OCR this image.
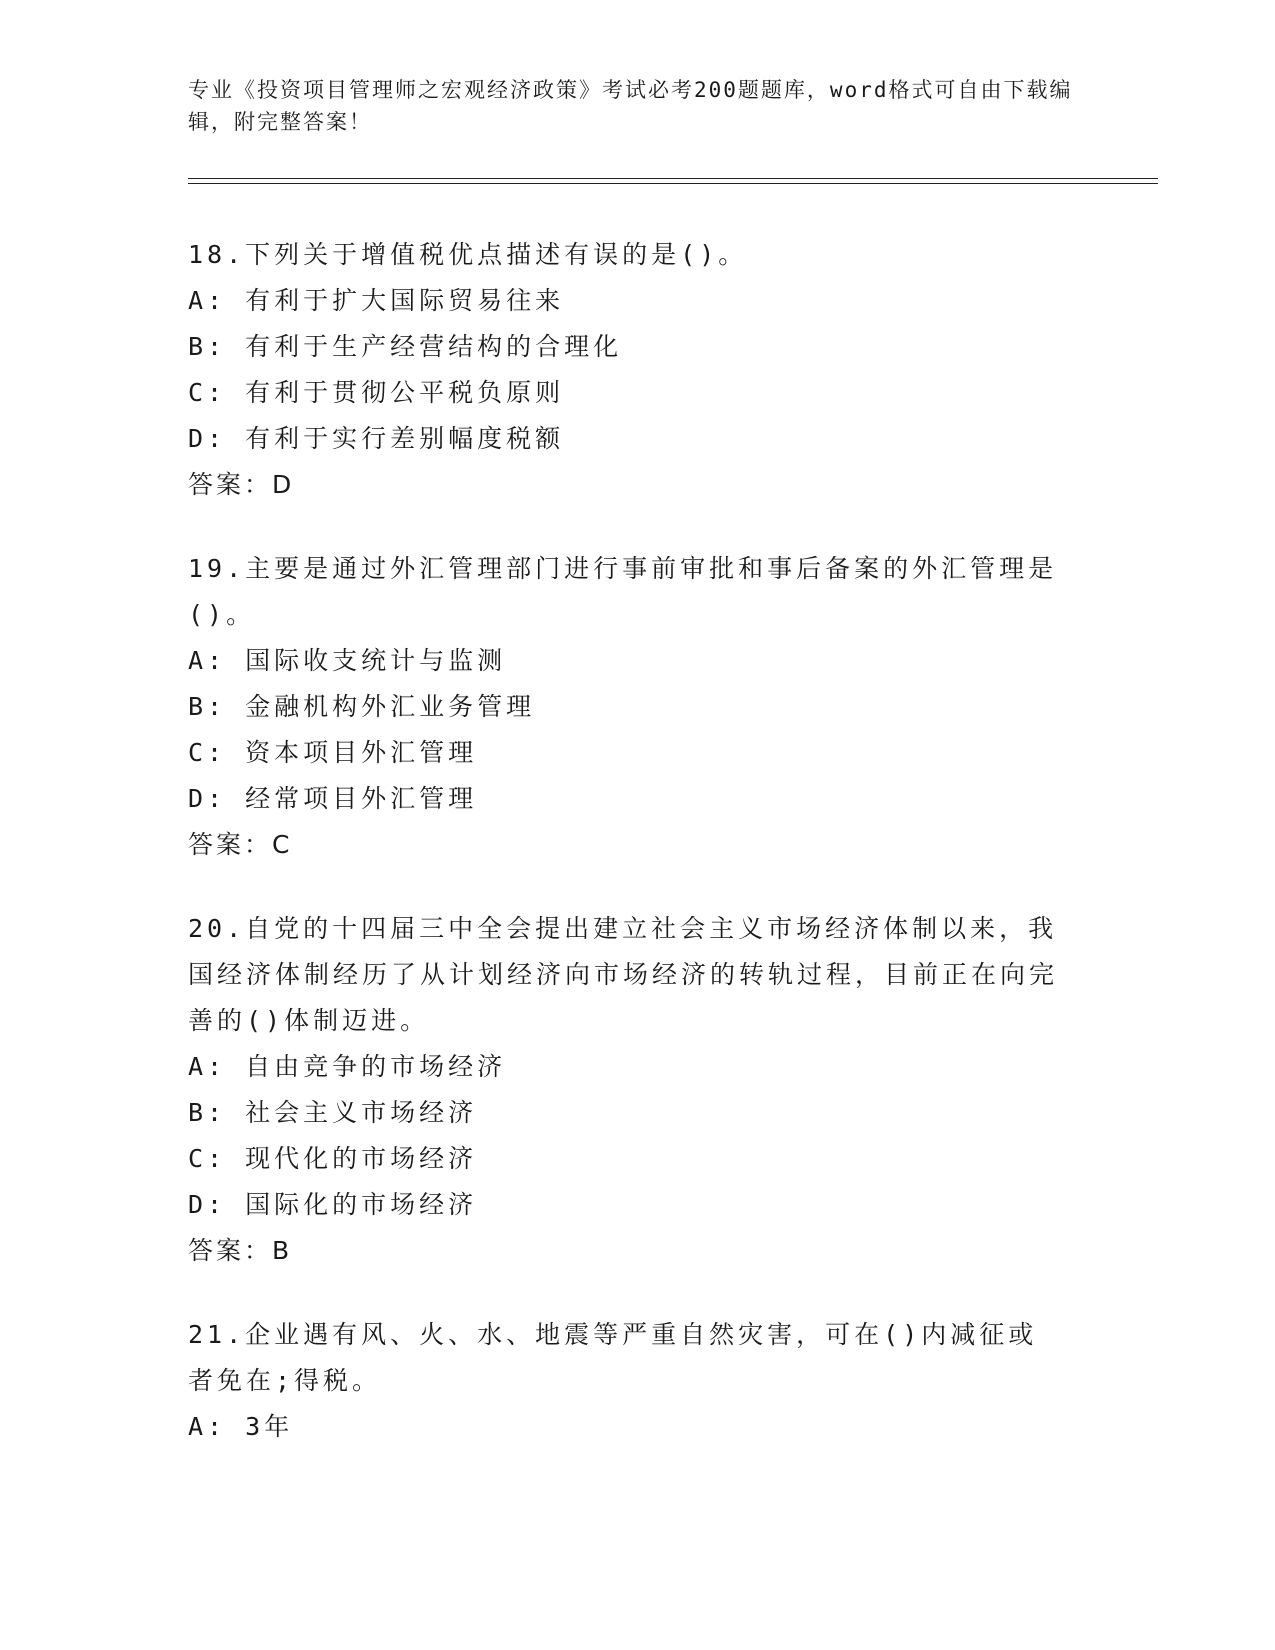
专业《投资项目管理师之宏观经济政策》考试必考200题题库，word格式可自由下载编辑，附完整答案！
18.下列关于增值税优点描述有误的是()。
A: 有利于扩大国际贸易往来
B: 有利于生产经营结构的合理化
C: 有利于贯彻公平税负原则
D: 有利于实行差别幅度税额
答案：D
19.主要是通过外汇管理部门进行事前审批和事后备案的外汇管理是()。
A: 国际收支统计与监测
B: 金融机构外汇业务管理
C: 资本项目外汇管理
D: 经常项目外汇管理
答案：C
20.自党的十四届三中全会提出建立社会主义市场经济体制以来，我国经济体制经历了从计划经济向市场经济的转轨过程，目前正在向完善的()体制迈进。
A: 自由竞争的市场经济
B: 社会主义市场经济
C: 现代化的市场经济
D: 国际化的市场经济
答案：B
21.企业遇有风、火、水、地震等严重自然灾害，可在()内减征或者免在;得税。
A: 3年
